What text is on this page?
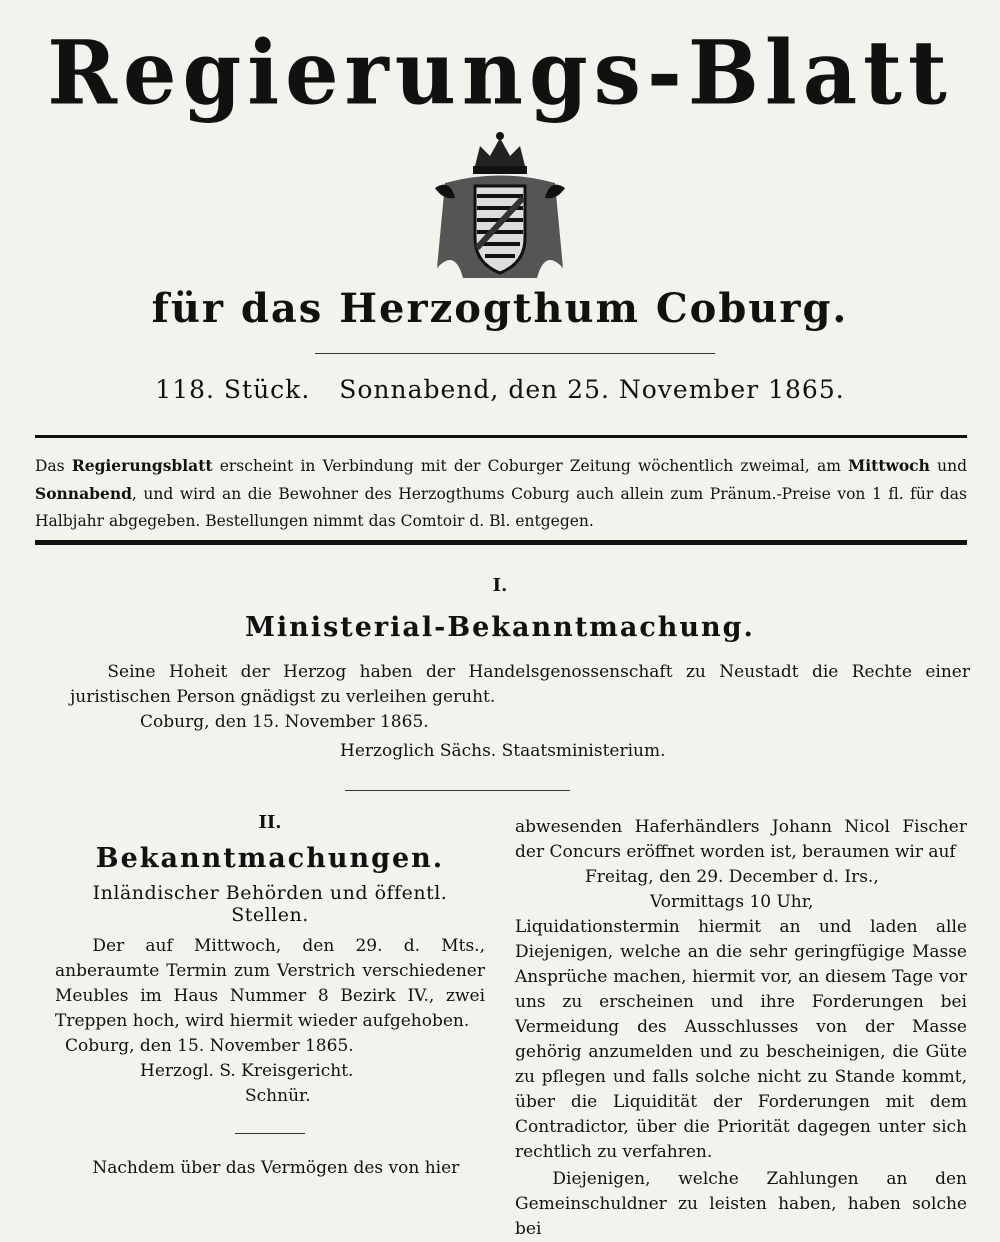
Regierungs-Blatt
für das Herzogthum Coburg.
118. Stück. Sonnabend, den 25. November 1865.
Das Regierungsblatt erscheint in Verbindung mit der Coburger Zeitung wöchentlich zweimal, am Mittwoch und Sonnabend, und wird an die Bewohner des Herzogthums Coburg auch allein zum Pränum.-Preise von 1 fl. für das Halbjahr abgegeben. Bestellungen nimmt das Comtoir d. Bl. entgegen.
I.
Ministerial-Bekanntmachung.

Seine Hoheit der Herzog haben der Handelsgenossenschaft zu Neustadt die Rechte einer juristischen Person gnädigst zu verleihen geruht.

Coburg, den 15. November 1865.

Herzoglich Sächs. Staatsministerium.

II.
Bekanntmachungen.
Inländischer Behörden und öffentl. Stellen.

Der auf Mittwoch, den 29. d. Mts., anberaumte Termin zum Verstrich verschiedener Meubles im Haus Nummer 8 Bezirk IV., zwei Treppen hoch, wird hiermit wieder aufgehoben.

Coburg, den 15. November 1865.

Herzogl. S. Kreisgericht.

Schnür.

Nachdem über das Vermögen des von hier

abwesenden Haferhändlers Johann Nicol Fischer der Concurs eröffnet worden ist, beraumen wir auf

Freitag, den 29. December d. Irs.,

Vormittags 10 Uhr,

Liquidationstermin hiermit an und laden alle Diejenigen, welche an die sehr geringfügige Masse Ansprüche machen, hiermit vor, an diesem Tage vor uns zu erscheinen und ihre Forderungen bei Vermeidung des Ausschlusses von der Masse gehörig anzumelden und zu bescheinigen, die Güte zu pflegen und falls solche nicht zu Stande kommt, über die Liquidität der Forderungen mit dem Contradictor, über die Priorität dagegen unter sich rechtlich zu verfahren.

Diejenigen, welche Zahlungen an den Gemeinschuldner zu leisten haben, haben solche bei
